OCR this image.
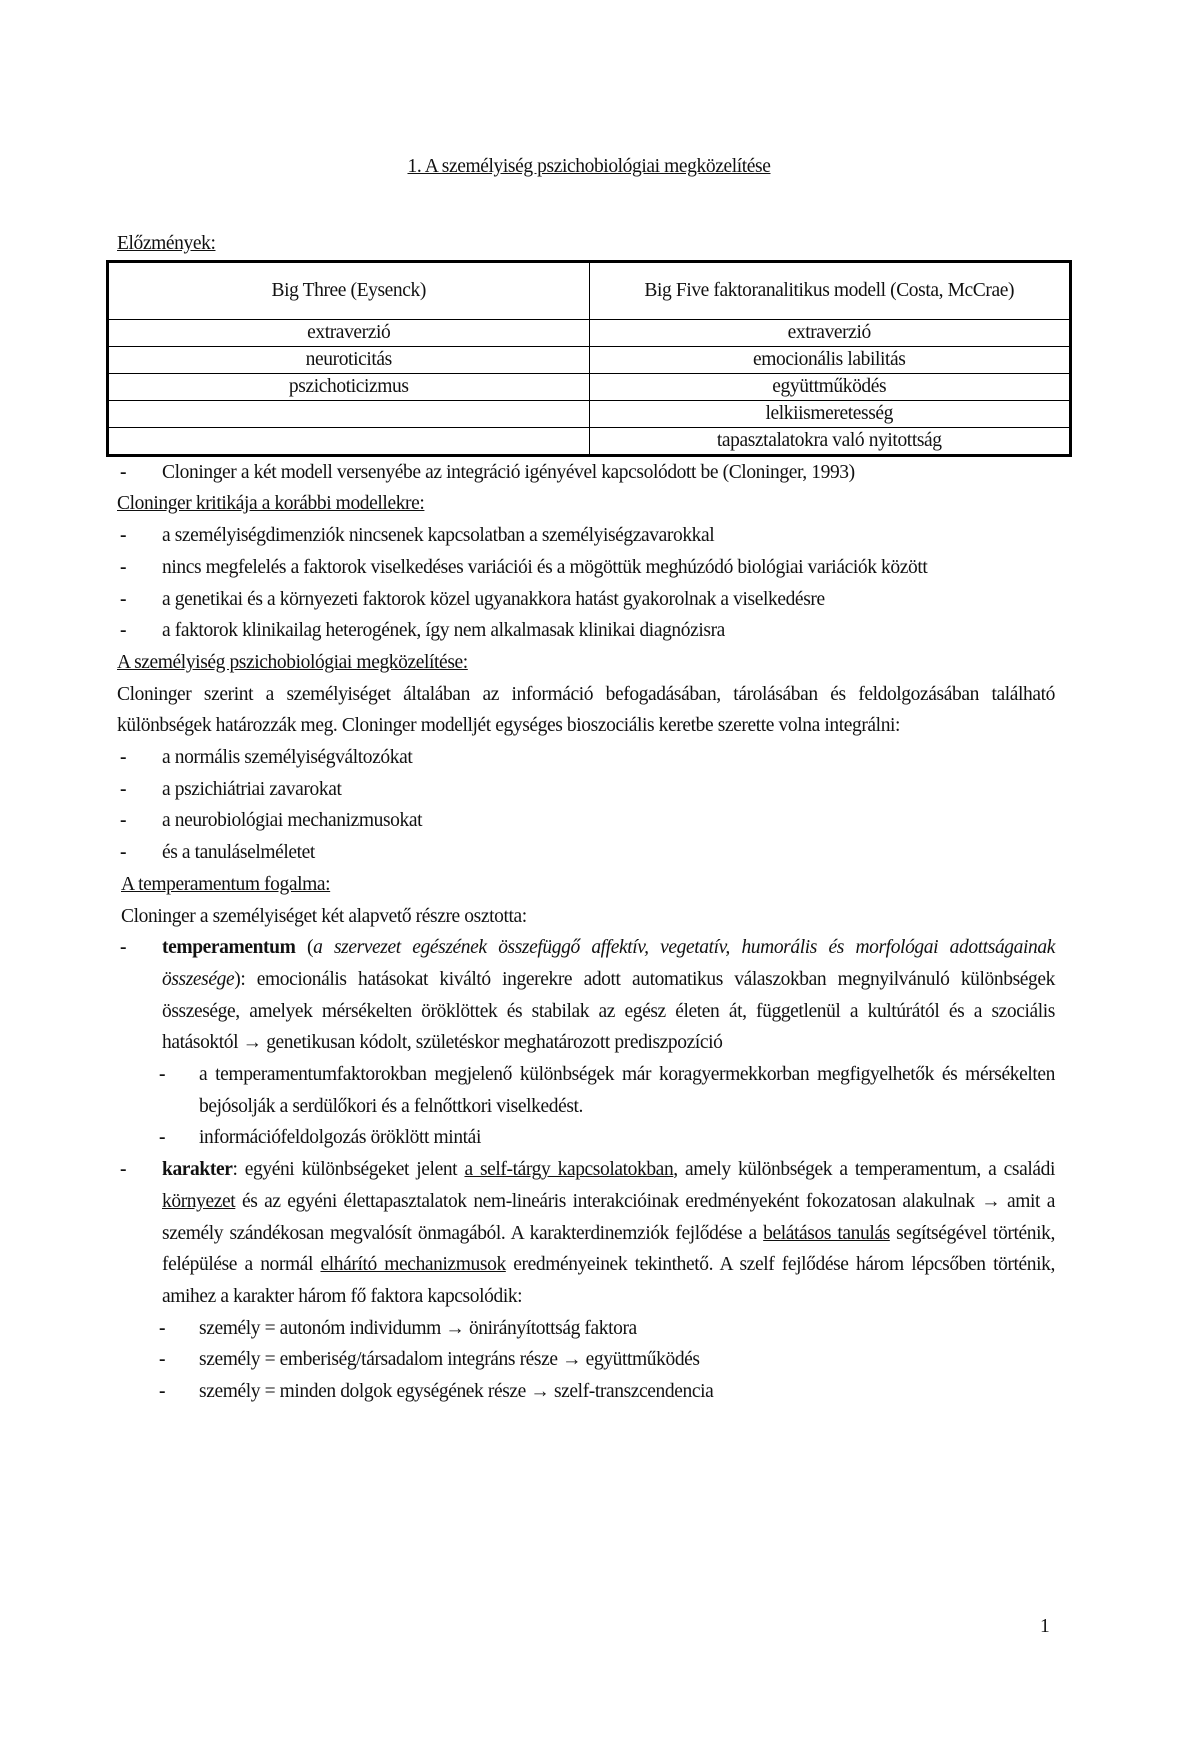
1. A személyiség pszichobiológiai megközelítése
Előzmények:
Big Three (Eysenck)	Big Five faktoranalitikus modell (Costa, McCrae)
extraverzió	extraverzió
neuroticitás	emocionális labilitás
pszichoticizmus	együttműködés
	lelkiismeretesség
	tapasztalatokra való nyitottság
-	Cloninger a két modell versenyébe az integráció igényével kapcsolódott be (Cloninger, 1993)
Cloninger kritikája a korábbi modellekre:
-	a személyiségdimenziók nincsenek kapcsolatban a személyiségzavarokkal
-	nincs megfelelés a faktorok viselkedéses variációi és a mögöttük meghúzódó biológiai variációk között
-	a genetikai és a környezeti faktorok közel ugyanakkora hatást gyakorolnak a viselkedésre
-	a faktorok klinikailag heterogének, így nem alkalmasak klinikai diagnózisra
A személyiség pszichobiológiai megközelítése:
Cloninger szerint a személyiséget általában az információ befogadásában, tárolásában és feldolgozásában található különbségek határozzák meg. Cloninger modelljét egységes bioszociális keretbe szerette volna integrálni:
-	a normális személyiségváltozókat
-	a pszichiátriai zavarokat
-	a neurobiológiai mechanizmusokat
-	és a tanuláselméletet
A temperamentum fogalma:
Cloninger a személyiséget két alapvető részre osztotta:
-	temperamentum (a szervezet egészének összefüggő affektív, vegetatív, humorális és morfológai adottságainak összesége): emocionális hatásokat kiváltó ingerekre adott automatikus válaszokban megnyilvánuló különbségek összesége, amelyek mérsékelten öröklöttek és stabilak az egész életen át, függetlenül a kultúrától és a szociális hatásoktól → genetikusan kódolt, születéskor meghatározott prediszpozíció
-	a temperamentumfaktorokban megjelenő különbségek már koragyermekkorban megfigyelhetők és mérsékelten bejósolják a serdülőkori és a felnőttkori viselkedést.
-	információfeldolgozás öröklött mintái
-	karakter: egyéni különbségeket jelent a self-tárgy kapcsolatokban, amely különbségek a temperamentum, a családi környezet és az egyéni élettapasztalatok nem-lineáris interakcióinak eredményeként fokozatosan alakulnak → amit a személy szándékosan megvalósít önmagából. A karakterdinemziók fejlődése a belátásos tanulás segítségével történik, felépülése a normál elhárító mechanizmusok eredményeinek tekinthető. A szelf fejlődése három lépcsőben történik, amihez a karakter három fő faktora kapcsolódik:
-	személy = autonóm individumm → önirányítottság faktora
-	személy = emberiség/társadalom integráns része → együttműködés
-	személy = minden dolgok egységének része → szelf-transzcendencia
1
